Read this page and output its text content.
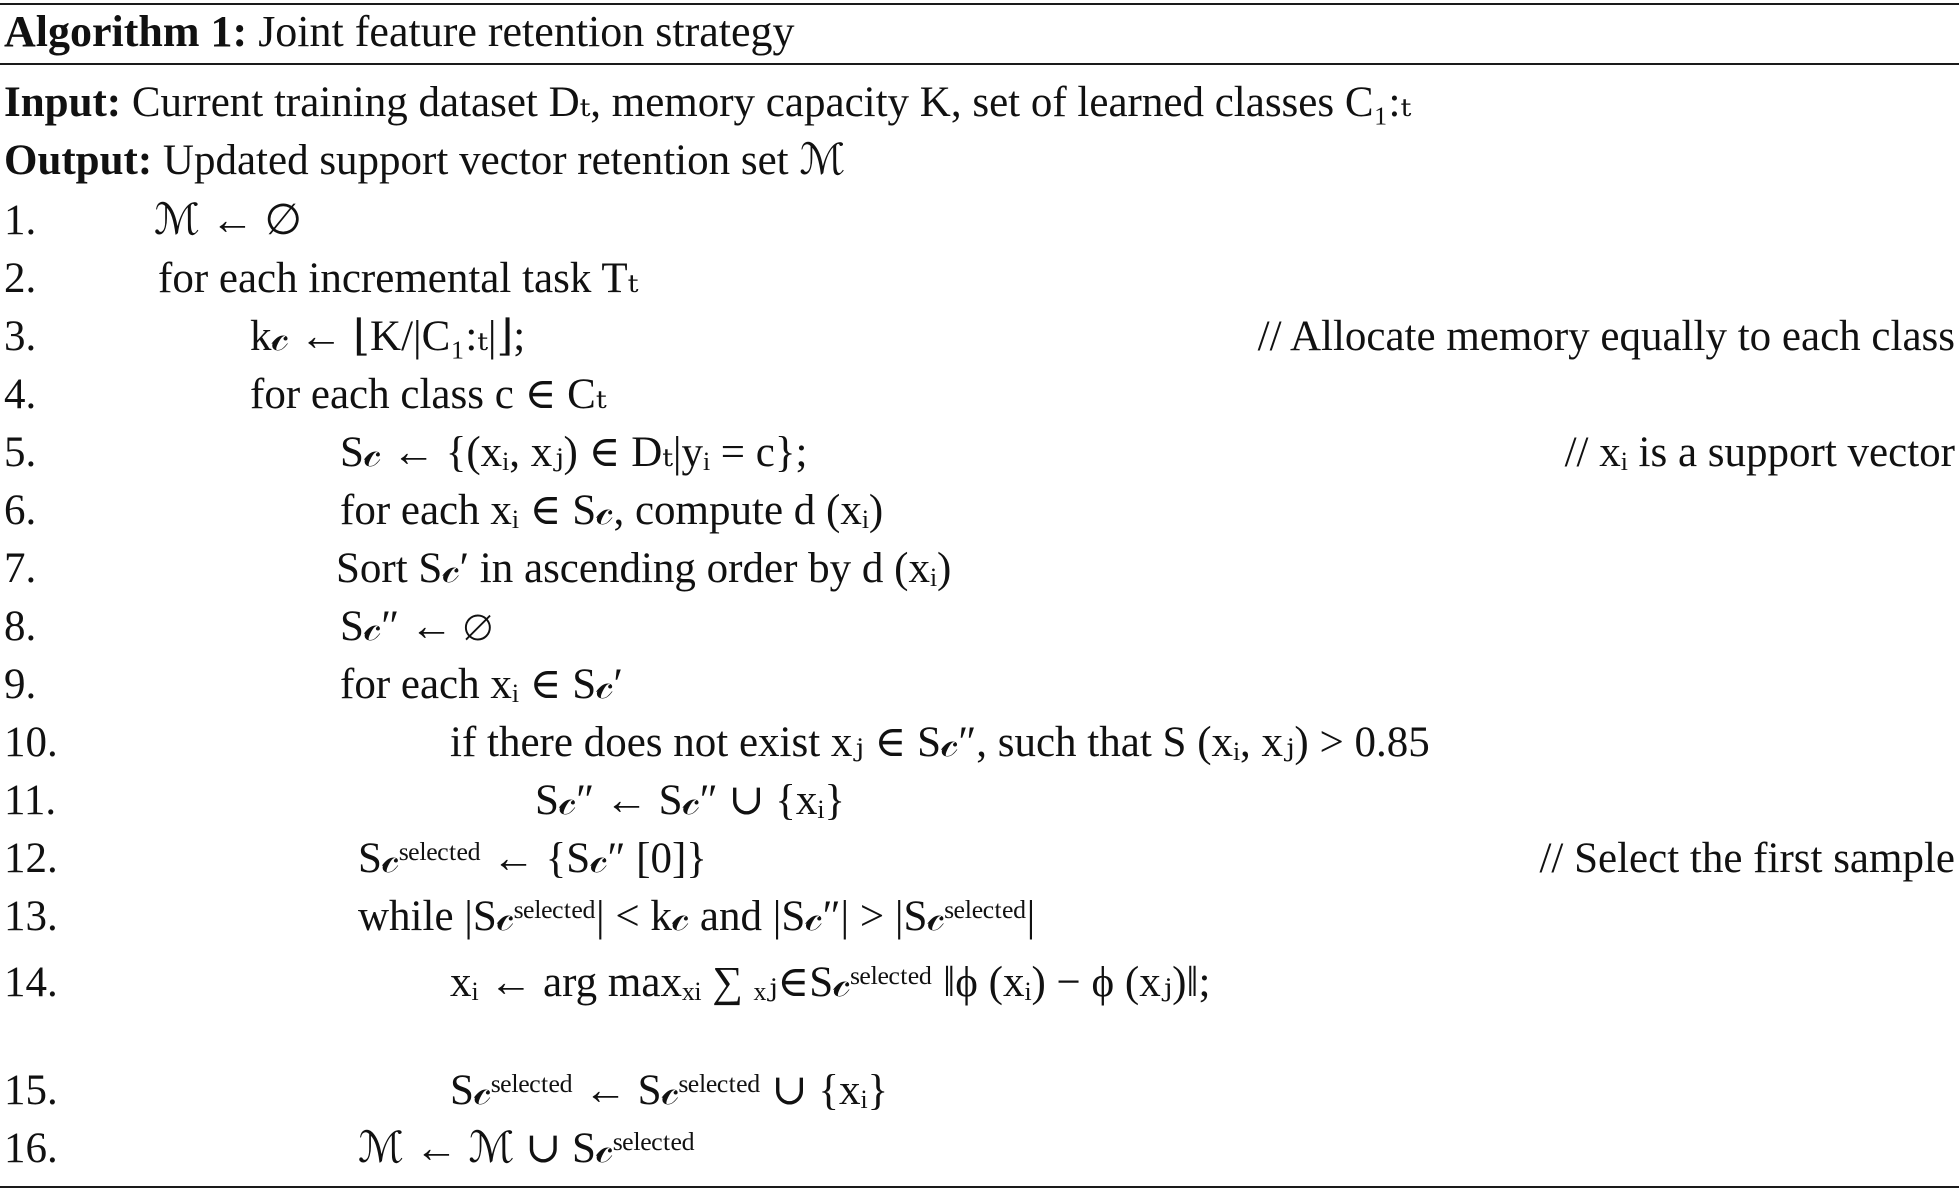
Algorithm 1: Joint feature retention strategy
Input: Current training dataset Dₜ, memory capacity K, set of learned classes C₁:ₜ
Output: Updated support vector retention set ℳ
1.	ℳ ← ∅
2.	for each incremental task Tₜ
3.	k𝒸 ← ⌊K/|C₁:ₜ|⌋;	// Allocate memory equally to each class
4.	for each class c ∈ Cₜ
5.	S𝒸 ← {(xᵢ, xⱼ) ∈ Dₜ|yᵢ = c};	// xᵢ is a support vector
6.	for each xᵢ ∈ S𝒸, compute d (xᵢ)
7.	Sort S𝒸′ in ascending order by d (xᵢ)
8.	S𝒸″ ← ∅
9.	for each xᵢ ∈ S𝒸′
10.	if there does not exist xⱼ ∈ S𝒸″, such that S (xᵢ, xⱼ) > 0.85
11.	S𝒸″ ← S𝒸″ ∪ {xᵢ}
12.	S𝒸ˢᵉˡᵉᶜᵗᵉᵈ ← {S𝒸″ [0]}	// Select the first sample
13.	while |S𝒸ˢᵉˡᵉᶜᵗᵉᵈ| < k𝒸 and |S𝒸″| > |S𝒸ˢᵉˡᵉᶜᵗᵉᵈ|
14.	xᵢ ← arg maxₓᵢ ∑ ₓⱼ∈S𝒸ˢᵉˡᵉᶜᵗᵉᵈ ‖ϕ (xᵢ) − ϕ (xⱼ)‖;
15.	S𝒸ˢᵉˡᵉᶜᵗᵉᵈ ← S𝒸ˢᵉˡᵉᶜᵗᵉᵈ ∪ {xᵢ}
16.	ℳ ← ℳ ∪ S𝒸ˢᵉˡᵉᶜᵗᵉᵈ
